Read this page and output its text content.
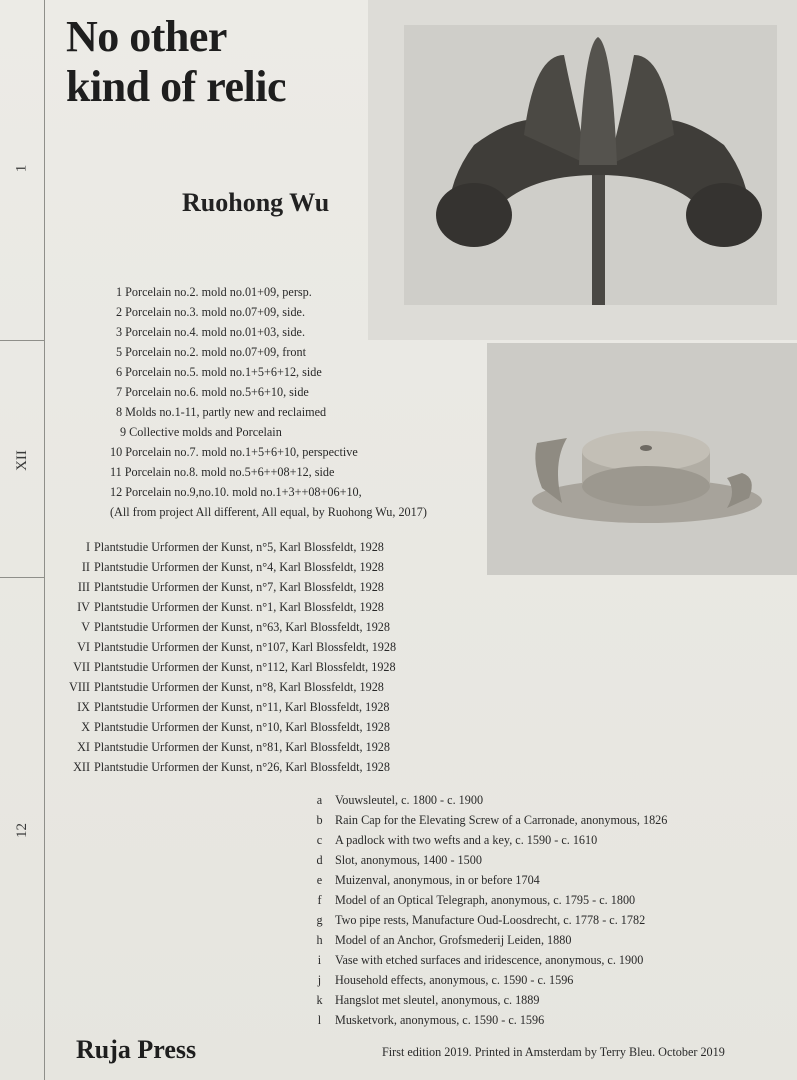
1
XII
12
No other
kind of relic
Ruohong Wu
1 Porcelain no.2. mold no.01+09, persp.
2 Porcelain no.3. mold no.07+09, side.
3 Porcelain no.4. mold no.01+03, side.
5 Porcelain no.2. mold no.07+09, front
6 Porcelain no.5. mold no.1+5+6+12, side
7 Porcelain no.6. mold no.5+6+10, side
8 Molds no.1-11, partly new and reclaimed
9 Collective molds and Porcelain
10 Porcelain no.7. mold no.1+5+6+10, perspective
11 Porcelain no.8. mold no.5+6++08+12, side
12 Porcelain no.9,no.10. mold no.1+3++08+06+10,
(All from project All different, All equal, by Ruohong Wu, 2017)
I Plantstudie Urformen der Kunst, n°5, Karl Blossfeldt, 1928
II Plantstudie Urformen der Kunst, n°4, Karl Blossfeldt, 1928
III Plantstudie Urformen der Kunst, n°7, Karl Blossfeldt, 1928
IV Plantstudie Urformen der Kunst. n°1, Karl Blossfeldt, 1928
V Plantstudie Urformen der Kunst, n°63, Karl Blossfeldt, 1928
VI Plantstudie Urformen der Kunst, n°107, Karl Blossfeldt, 1928
VII Plantstudie Urformen der Kunst, n°112, Karl Blossfeldt, 1928
VIII Plantstudie Urformen der Kunst, n°8, Karl Blossfeldt, 1928
IX Plantstudie Urformen der Kunst, n°11, Karl Blossfeldt, 1928
X Plantstudie Urformen der Kunst, n°10, Karl Blossfeldt, 1928
XI Plantstudie Urformen der Kunst, n°81, Karl Blossfeldt, 1928
XII Plantstudie Urformen der Kunst, n°26, Karl Blossfeldt, 1928
a	Vouwsleutel, c. 1800 - c. 1900
b	Rain Cap for the Elevating Screw of a Carronade, anonymous, 1826
c	A padlock with two wefts and a key, c. 1590 - c. 1610
d	Slot, anonymous, 1400 - 1500
e	Muizenval, anonymous, in or before 1704
f	Model of an Optical Telegraph, anonymous, c. 1795 - c. 1800
g	Two pipe rests, Manufacture Oud-Loosdrecht, c. 1778 - c. 1782
h	Model of an Anchor, Grofsmederij Leiden, 1880
i	Vase with etched surfaces and iridescence, anonymous, c. 1900
j	Household effects, anonymous, c. 1590 - c. 1596
k	Hangslot met sleutel, anonymous, c. 1889
l	Musketvork, anonymous, c. 1590 - c. 1596
Ruja Press	First edition 2019. Printed in Amsterdam by Terry Bleu. October 2019
